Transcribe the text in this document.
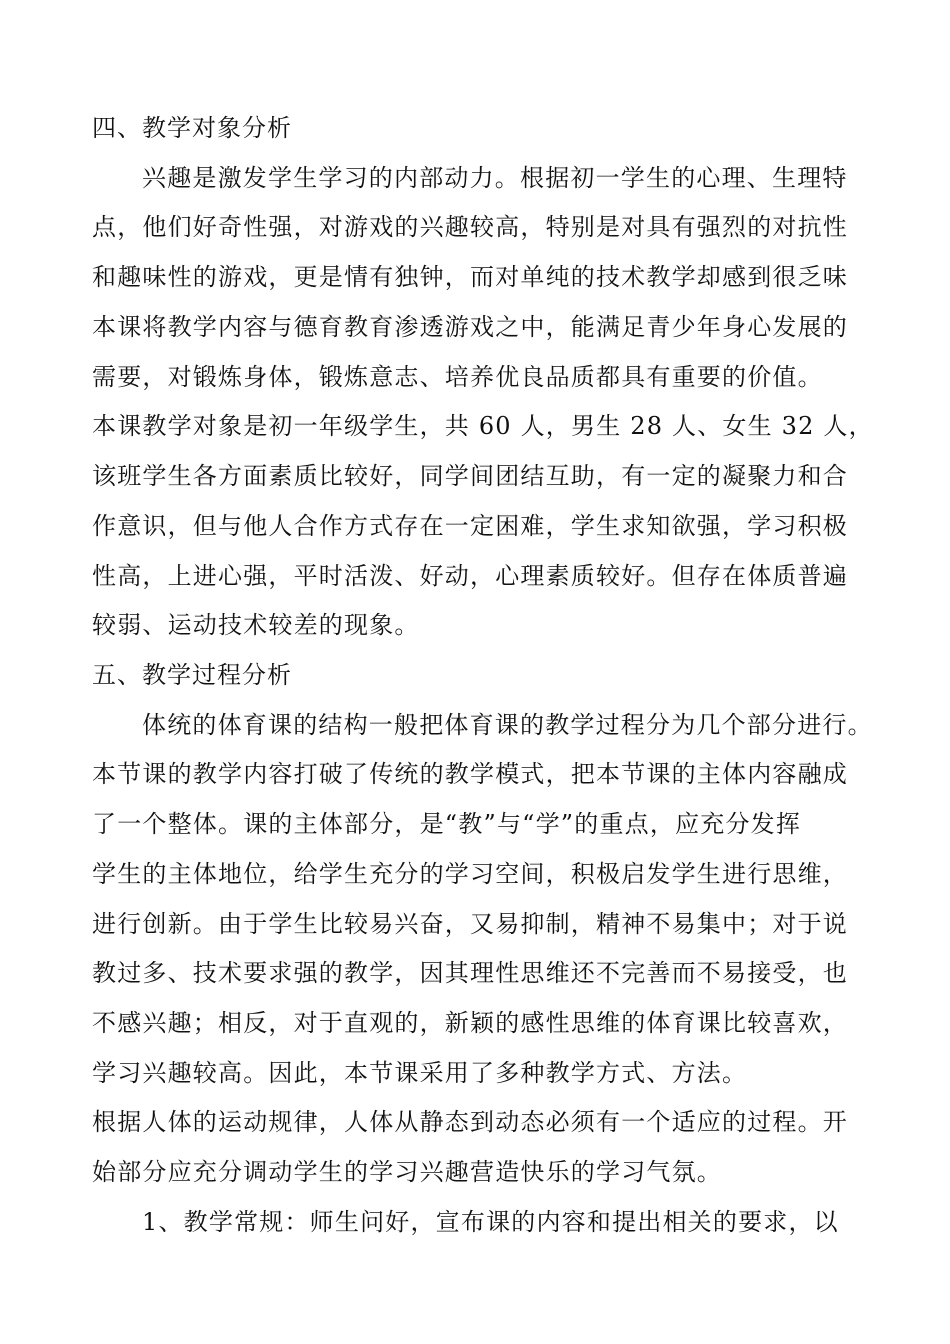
四、教学对象分析
兴趣是激发学生学习的内部动力。根据初一学生的心理、生理特
点，他们好奇性强，对游戏的兴趣较高，特别是对具有强烈的对抗性
和趣味性的游戏，更是情有独钟，而对单纯的技术教学却感到很乏味
本课将教学内容与德育教育渗透游戏之中，能满足青少年身心发展的
需要，对锻炼身体，锻炼意志、培养优良品质都具有重要的价值。
本课教学对象是初一年级学生，共 60 人，男生 28 人、女生 32 人，
该班学生各方面素质比较好，同学间团结互助，有一定的凝聚力和合
作意识，但与他人合作方式存在一定困难，学生求知欲强，学习积极
性高，上进心强，平时活泼、好动，心理素质较好。但存在体质普遍
较弱、运动技术较差的现象。
五、教学过程分析
体统的体育课的结构一般把体育课的教学过程分为几个部分进行。
本节课的教学内容打破了传统的教学模式，把本节课的主体内容融成
了一个整体。课的主体部分，是“教”与“学”的重点，应充分发挥
学生的主体地位，给学生充分的学习空间，积极启发学生进行思维，
进行创新。由于学生比较易兴奋，又易抑制，精神不易集中；对于说
教过多、技术要求强的教学，因其理性思维还不完善而不易接受，也
不感兴趣；相反，对于直观的，新颖的感性思维的体育课比较喜欢，
学习兴趣较高。因此，本节课采用了多种教学方式、方法。
根据人体的运动规律，人体从静态到动态必须有一个适应的过程。开
始部分应充分调动学生的学习兴趣营造快乐的学习气氛。
1、教学常规：师生问好，宣布课的内容和提出相关的要求，以
